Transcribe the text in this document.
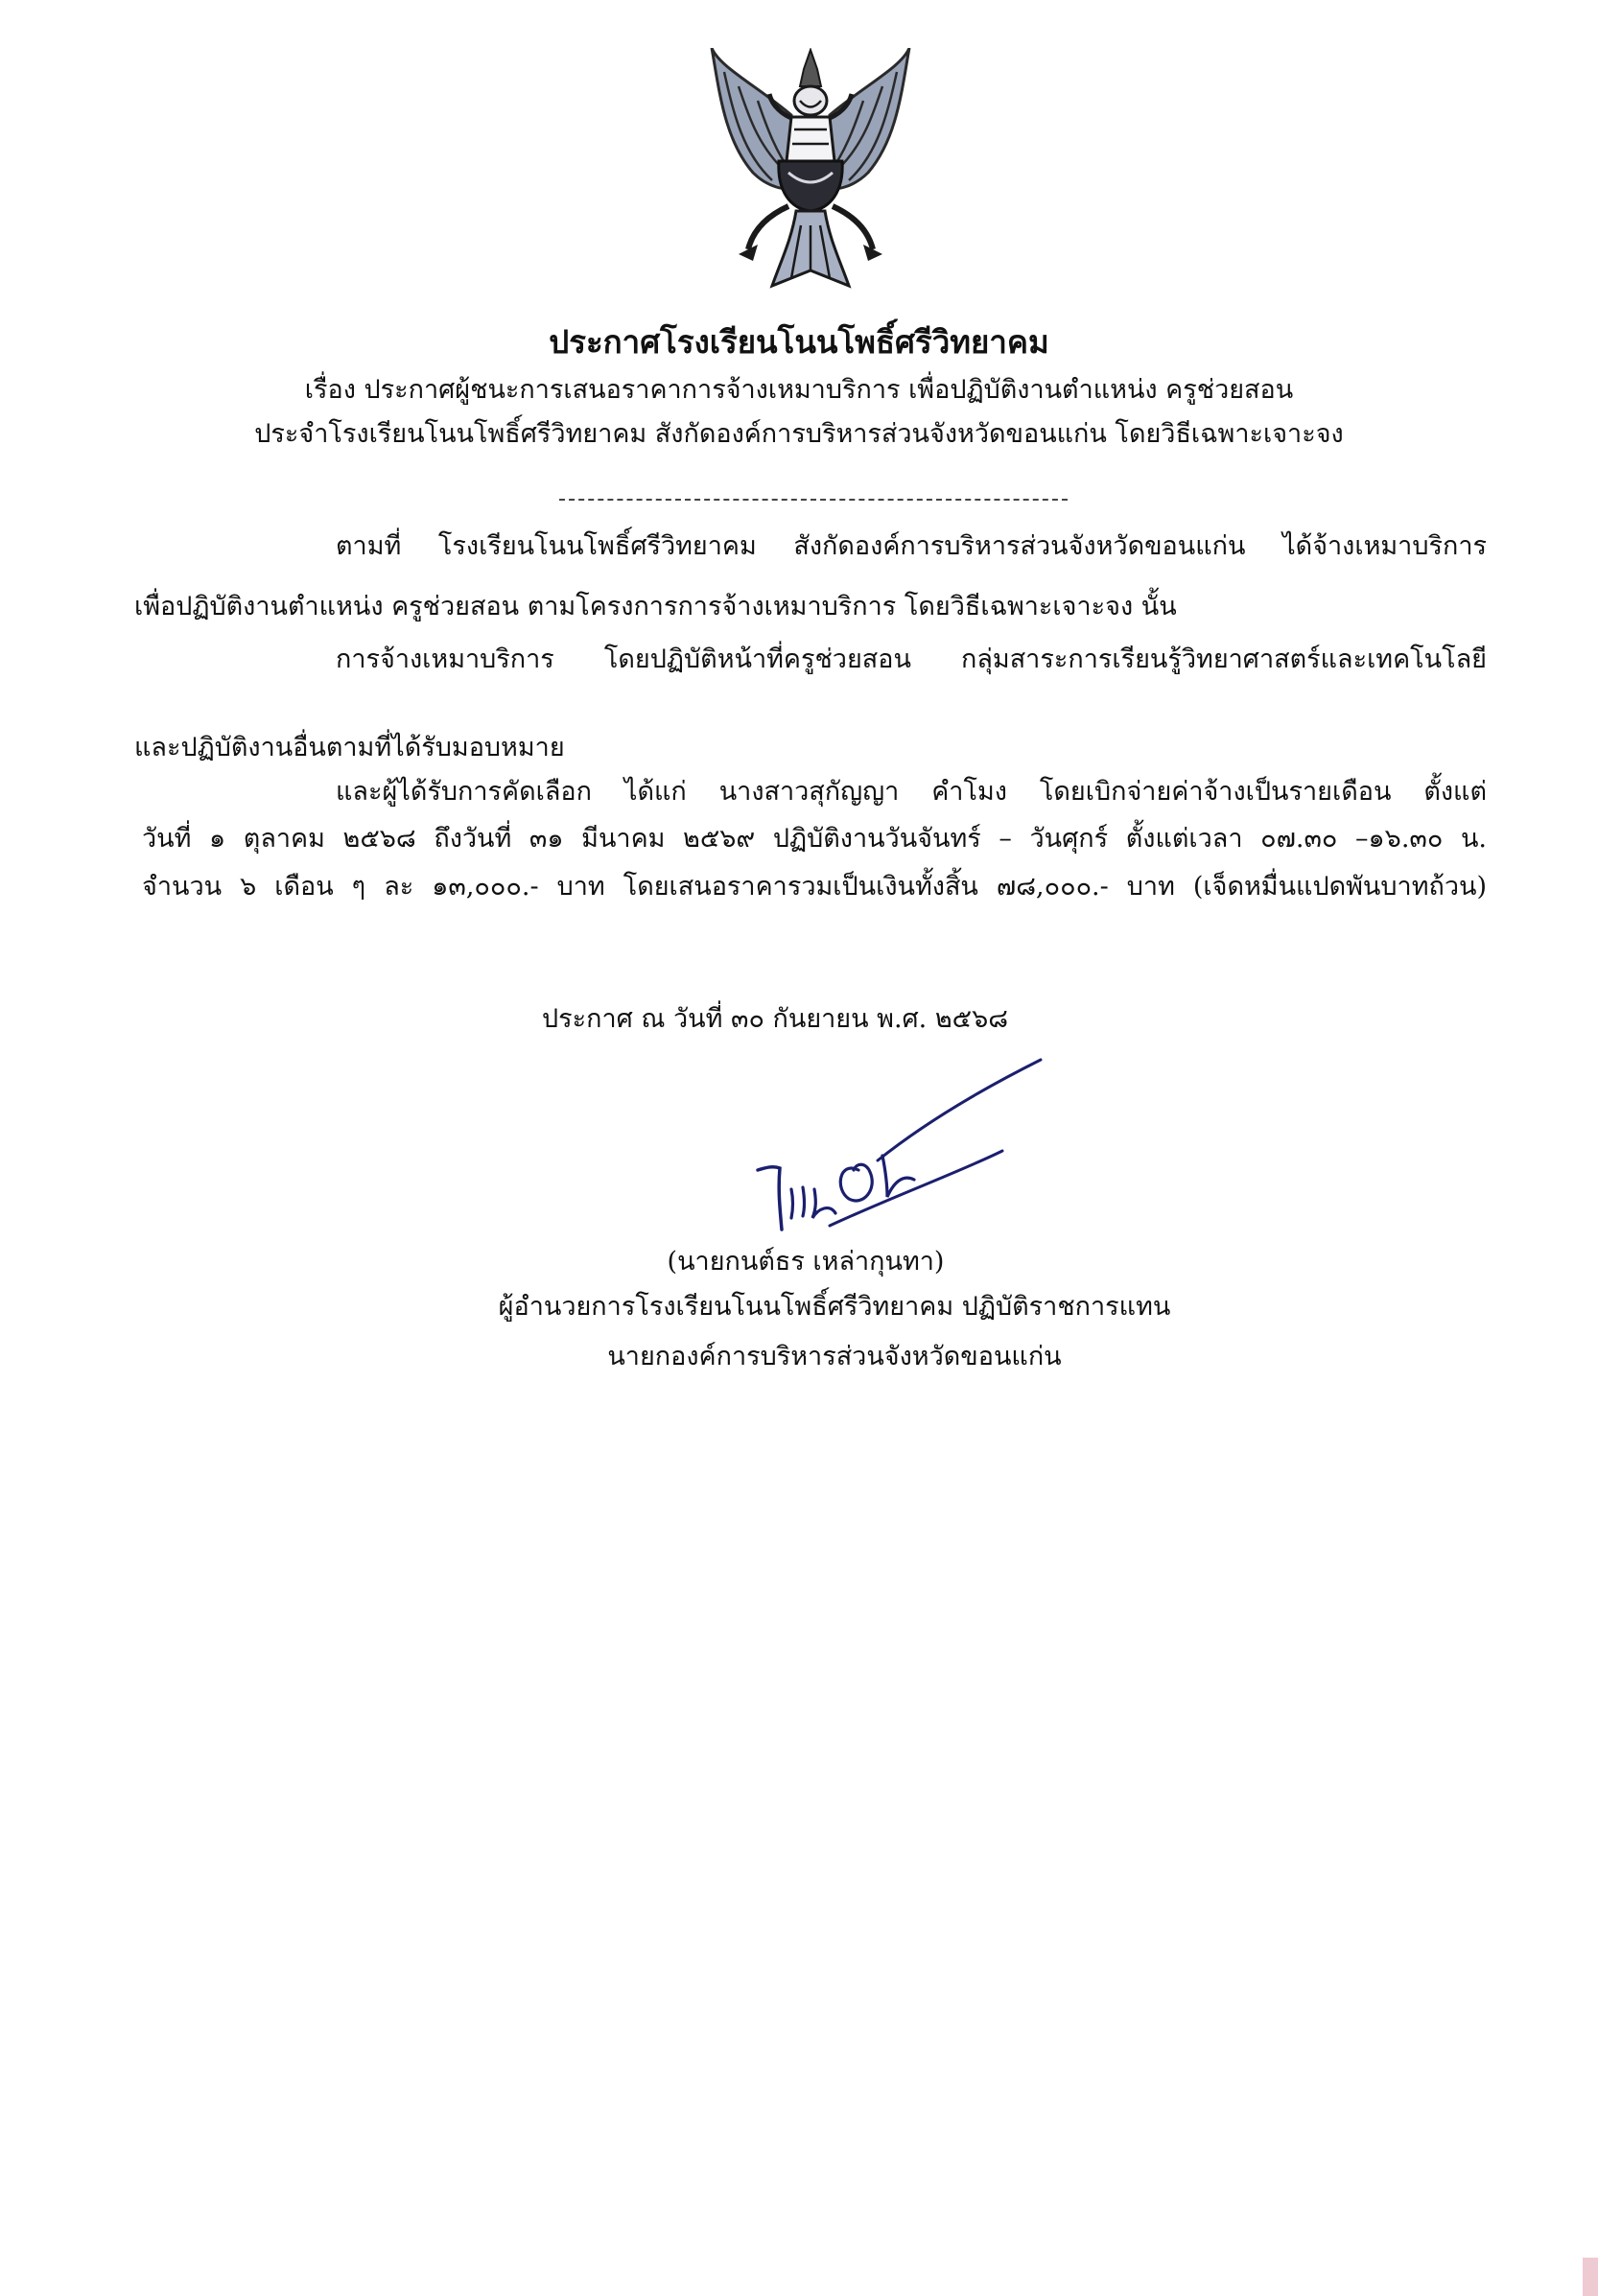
ประกาศโรงเรียนโนนโพธิ์ศรีวิทยาคม
เรื่อง ประกาศผู้ชนะการเสนอราคาการจ้างเหมาบริการ เพื่อปฏิบัติงานตำแหน่ง ครูช่วยสอน
ประจำโรงเรียนโนนโพธิ์ศรีวิทยาคม สังกัดองค์การบริหารส่วนจังหวัดขอนแก่น โดยวิธีเฉพาะเจาะจง
ตามที่ โรงเรียนโนนโพธิ์ศรีวิทยาคม สังกัดองค์การบริหารส่วนจังหวัดขอนแก่น ได้จ้างเหมาบริการ
เพื่อปฏิบัติงานตำแหน่ง ครูช่วยสอน ตามโครงการการจ้างเหมาบริการ โดยวิธีเฉพาะเจาะจง นั้น
การจ้างเหมาบริการ โดยปฏิบัติหน้าที่ครูช่วยสอน กลุ่มสาระการเรียนรู้วิทยาศาสตร์และเทคโนโลยี
และปฏิบัติงานอื่นตามที่ได้รับมอบหมาย
และผู้ได้รับการคัดเลือก ได้แก่ นางสาวสุกัญญา คำโมง โดยเบิกจ่ายค่าจ้างเป็นรายเดือน ตั้งแต่
วันที่ ๑ ตุลาคม ๒๕๖๘ ถึงวันที่ ๓๑ มีนาคม ๒๕๖๙ ปฏิบัติงานวันจันทร์ – วันศุกร์ ตั้งแต่เวลา ๐๗.๓๐ –๑๖.๓๐ น.
จำนวน ๖ เดือน ๆ ละ ๑๓,๐๐๐.- บาท โดยเสนอราคารวมเป็นเงินทั้งสิ้น ๗๘,๐๐๐.- บาท (เจ็ดหมื่นแปดพันบาทถ้วน)
ประกาศ ณ วันที่ ๓๐ กันยายน พ.ศ. ๒๕๖๘
(นายกนต์ธร เหล่ากุนทา)
ผู้อำนวยการโรงเรียนโนนโพธิ์ศรีวิทยาคม ปฏิบัติราชการแทน
นายกองค์การบริหารส่วนจังหวัดขอนแก่น
